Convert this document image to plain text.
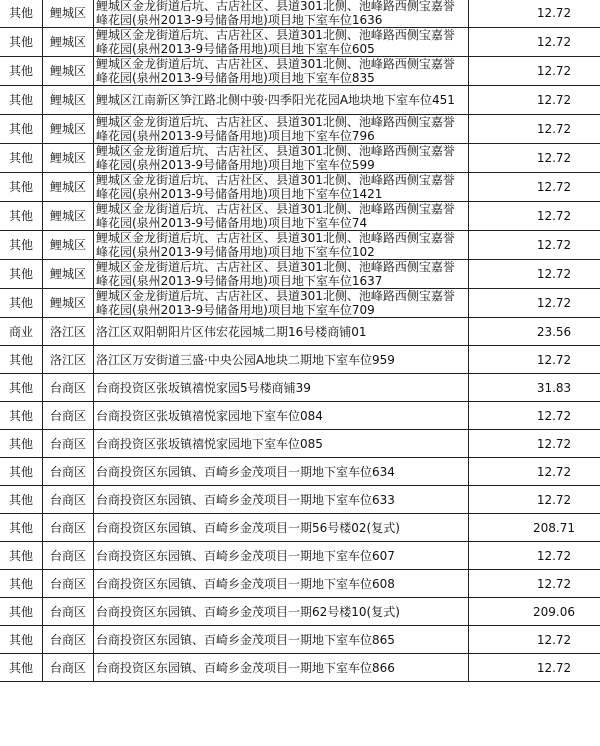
其他	鲤城区	鲤城区金龙街道后坑、古店社区、县道301北侧、池峰路西侧宝嘉誉峰花园(泉州2013-9号储备用地)项目地下室车位1636	12.72
其他	鲤城区	鲤城区金龙街道后坑、古店社区、县道301北侧、池峰路西侧宝嘉誉峰花园(泉州2013-9号储备用地)项目地下室车位605	12.72
其他	鲤城区	鲤城区金龙街道后坑、古店社区、县道301北侧、池峰路西侧宝嘉誉峰花园(泉州2013-9号储备用地)项目地下室车位835	12.72
其他	鲤城区	鲤城区江南新区笋江路北侧中骏·四季阳光花园A地块地下室车位451	12.72
其他	鲤城区	鲤城区金龙街道后坑、古店社区、县道301北侧、池峰路西侧宝嘉誉峰花园(泉州2013-9号储备用地)项目地下室车位796	12.72
其他	鲤城区	鲤城区金龙街道后坑、古店社区、县道301北侧、池峰路西侧宝嘉誉峰花园(泉州2013-9号储备用地)项目地下室车位599	12.72
其他	鲤城区	鲤城区金龙街道后坑、古店社区、县道301北侧、池峰路西侧宝嘉誉峰花园(泉州2013-9号储备用地)项目地下室车位1421	12.72
其他	鲤城区	鲤城区金龙街道后坑、古店社区、县道301北侧、池峰路西侧宝嘉誉峰花园(泉州2013-9号储备用地)项目地下室车位74	12.72
其他	鲤城区	鲤城区金龙街道后坑、古店社区、县道301北侧、池峰路西侧宝嘉誉峰花园(泉州2013-9号储备用地)项目地下室车位102	12.72
其他	鲤城区	鲤城区金龙街道后坑、古店社区、县道301北侧、池峰路西侧宝嘉誉峰花园(泉州2013-9号储备用地)项目地下室车位1637	12.72
其他	鲤城区	鲤城区金龙街道后坑、古店社区、县道301北侧、池峰路西侧宝嘉誉峰花园(泉州2013-9号储备用地)项目地下室车位709	12.72
商业	洛江区	洛江区双阳朝阳片区伟宏花园城二期16号楼商铺01	23.56
其他	洛江区	洛江区万安街道三盛·中央公园A地块二期地下室车位959	12.72
其他	台商区	台商投资区张坂镇禧悦家园5号楼商铺39	31.83
其他	台商区	台商投资区张坂镇禧悦家园地下室车位084	12.72
其他	台商区	台商投资区张坂镇禧悦家园地下室车位085	12.72
其他	台商区	台商投资区东园镇、百崎乡金茂项目一期地下室车位634	12.72
其他	台商区	台商投资区东园镇、百崎乡金茂项目一期地下室车位633	12.72
其他	台商区	台商投资区东园镇、百崎乡金茂项目一期56号楼02(复式)	208.71
其他	台商区	台商投资区东园镇、百崎乡金茂项目一期地下室车位607	12.72
其他	台商区	台商投资区东园镇、百崎乡金茂项目一期地下室车位608	12.72
其他	台商区	台商投资区东园镇、百崎乡金茂项目一期62号楼10(复式)	209.06
其他	台商区	台商投资区东园镇、百崎乡金茂项目一期地下室车位865	12.72
其他	台商区	台商投资区东园镇、百崎乡金茂项目一期地下室车位866	12.72
